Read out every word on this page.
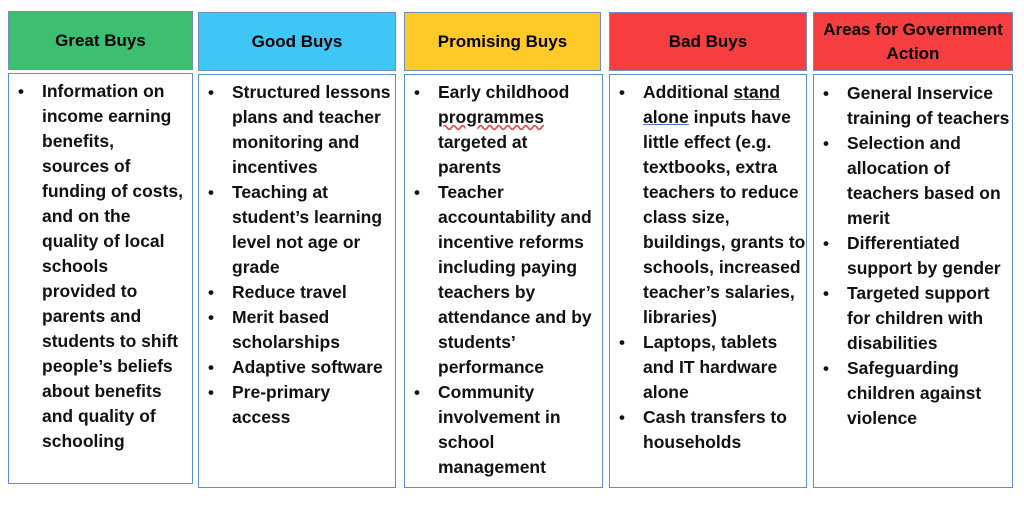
Great Buys
• Information on income earning benefits, sources of funding of costs, and on the quality of local schools provided to parents and students to shift people’s beliefs about benefits and quality of schooling
Good Buys
• Structured lessons plans and teacher monitoring and incentives
• Teaching at student’s learning level not age or grade
• Reduce travel
• Merit based scholarships
• Adaptive software
• Pre-primary access
Promising Buys
• Early childhood programmes targeted at parents
• Teacher accountability and incentive reforms including paying teachers by attendance and by students’ performance
• Community involvement in school management
Bad Buys
• Additional stand alone inputs have little effect (e.g. textbooks, extra teachers to reduce class size, buildings, grants to schools, increased teacher’s salaries, libraries)
• Laptops, tablets and IT hardware alone
• Cash transfers to households
Areas for Government Action
• General Inservice training of teachers
• Selection and allocation of teachers based on merit
• Differentiated support by gender
• Targeted support for children with disabilities
• Safeguarding children against violence
